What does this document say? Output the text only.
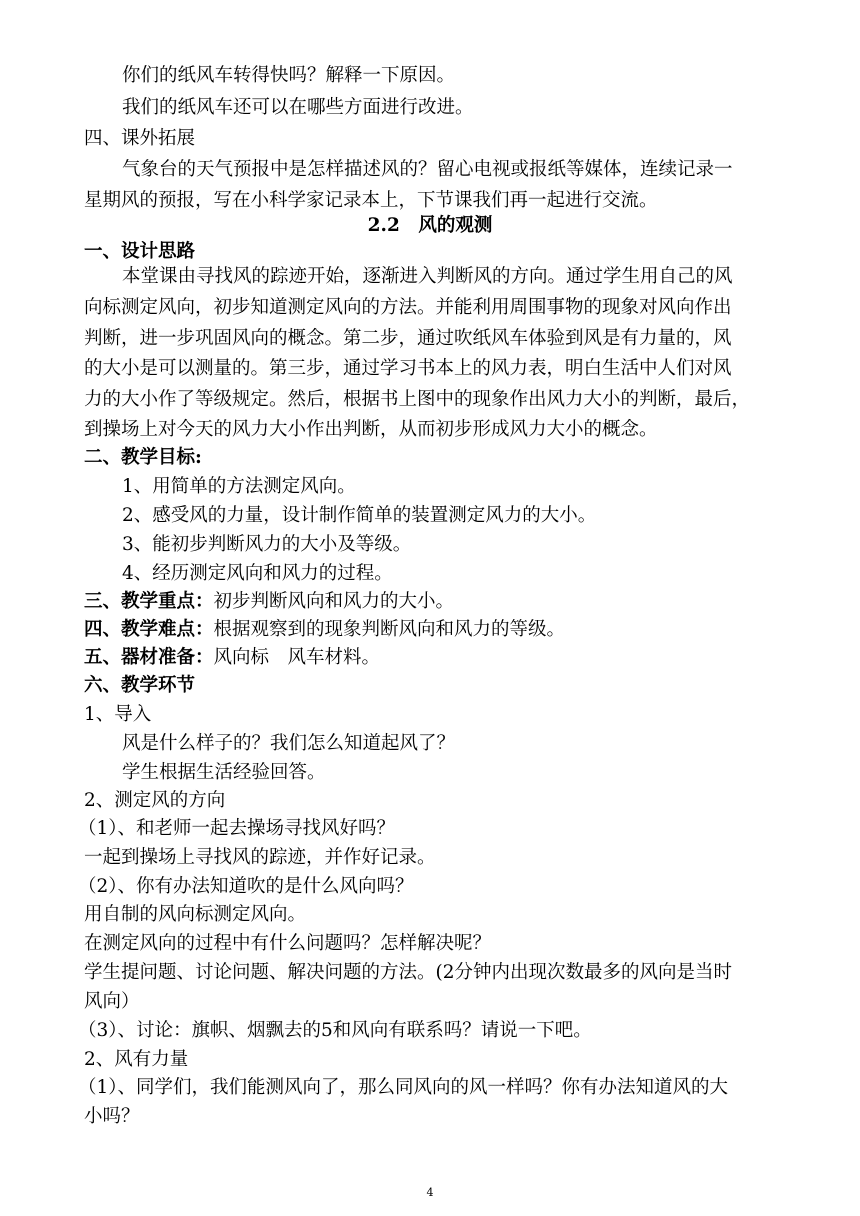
你们的纸风车转得快吗？解释一下原因。
我们的纸风车还可以在哪些方面进行改进。
四、课外拓展
气象台的天气预报中是怎样描述风的？留心电视或报纸等媒体，连续记录一
星期风的预报，写在小科学家记录本上，下节课我们再一起进行交流。
2.2　风的观测
一、设计思路
本堂课由寻找风的踪迹开始，逐渐进入判断风的方向。通过学生用自己的风
向标测定风向，初步知道测定风向的方法。并能利用周围事物的现象对风向作出
判断，进一步巩固风向的概念。第二步，通过吹纸风车体验到风是有力量的，风
的大小是可以测量的。第三步，通过学习书本上的风力表，明白生活中人们对风
力的大小作了等级规定。然后，根据书上图中的现象作出风力大小的判断，最后，
到操场上对今天的风力大小作出判断，从而初步形成风力大小的概念。
二、教学目标:
1、用简单的方法测定风向。
2、感受风的力量，设计制作简单的装置测定风力的大小。
3、能初步判断风力的大小及等级。
4、经历测定风向和风力的过程。
三、教学重点：初步判断风向和风力的大小。
四、教学难点：根据观察到的现象判断风向和风力的等级。
五、器材准备：风向标　风车材料。
六、教学环节
1、导入
风是什么样子的？我们怎么知道起风了？
学生根据生活经验回答。
2、测定风的方向
（1）、和老师一起去操场寻找风好吗？
一起到操场上寻找风的踪迹，并作好记录。
（2）、你有办法知道吹的是什么风向吗？
用自制的风向标测定风向。
在测定风向的过程中有什么问题吗？怎样解决呢？
学生提问题、讨论问题、解决问题的方法。(2分钟内出现次数最多的风向是当时
风向）
（3）、讨论：旗帜、烟飘去的5和风向有联系吗？请说一下吧。
2、风有力量
（1）、同学们，我们能测风向了，那么同风向的风一样吗？你有办法知道风的大
小吗？
4
